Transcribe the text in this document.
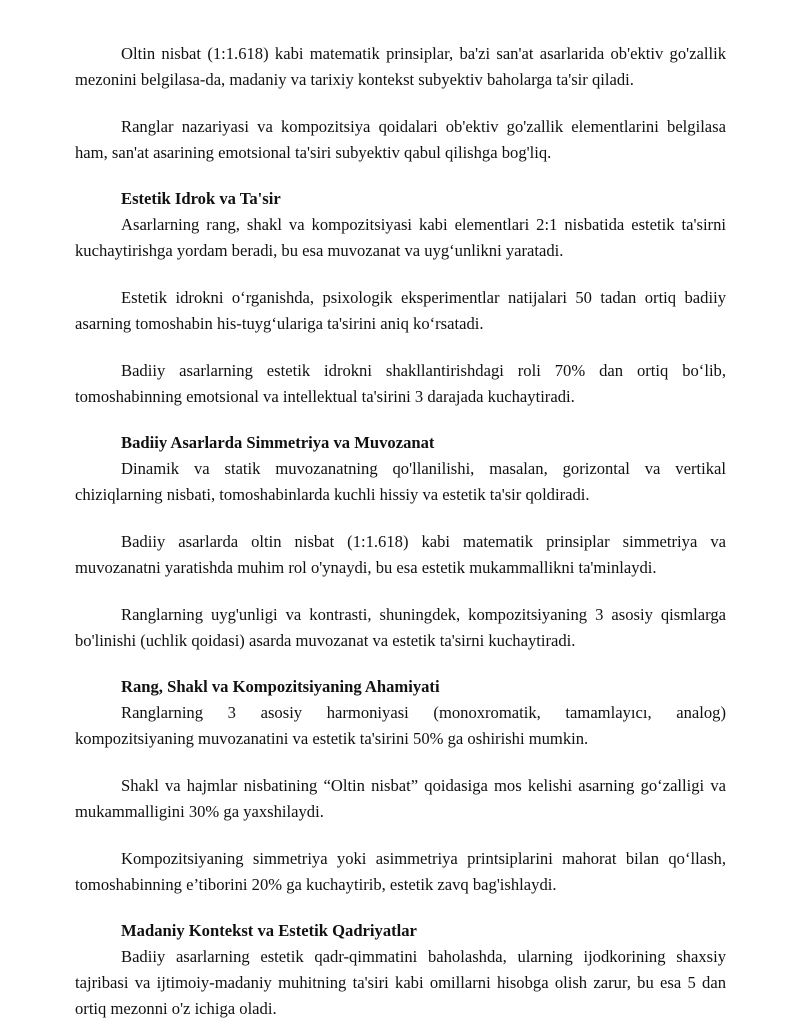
Oltin nisbat (1:1.618) kabi matematik prinsiplar, ba'zi san'at asarlarida ob'ektiv go'zallik mezonini belgilasa-da, madaniy va tarixiy kontekst subyektiv baholarga ta'sir qiladi.

Ranglar nazariyasi va kompozitsiya qoidalari ob'ektiv go'zallik elementlarini belgilasa ham, san'at asarining emotsional ta'siri subyektiv qabul qilishga bog'liq.

Estetik Idrok va Ta'sir

Asarlarning rang, shakl va kompozitsiyasi kabi elementlari 2:1 nisbatida estetik ta'sirni kuchaytirishga yordam beradi, bu esa muvozanat va uyg‘unlikni yaratadi.

Estetik idrokni o‘rganishda, psixologik eksperimentlar natijalari 50 tadan ortiq badiiy asarning tomoshabin his-tuyg‘ulariga ta'sirini aniq ko‘rsatadi.

Badiiy asarlarning estetik idrokni shakllantirishdagi roli 70% dan ortiq bo‘lib, tomoshabinning emotsional va intellektual ta'sirini 3 darajada kuchaytiradi.

Badiiy Asarlarda Simmetriya va Muvozanat

Dinamik va statik muvozanatning qo'llanilishi, masalan, gorizontal va vertikal chiziqlarning nisbati, tomoshabinlarda kuchli hissiy va estetik ta'sir qoldiradi.

Badiiy asarlarda oltin nisbat (1:1.618) kabi matematik prinsiplar simmetriya va muvozanatni yaratishda muhim rol o'ynaydi, bu esa estetik mukammallikni ta'minlaydi.

Ranglarning uyg'unligi va kontrasti, shuningdek, kompozitsiyaning 3 asosiy qismlarga bo'linishi (uchlik qoidasi) asarda muvozanat va estetik ta'sirni kuchaytiradi.

Rang, Shakl va Kompozitsiyaning Ahamiyati

Ranglarning 3 asosiy harmoniyasi (monoxromatik, tamamlayıcı, analog) kompozitsiyaning muvozanatini va estetik ta'sirini 50% ga oshirishi mumkin.

Shakl va hajmlar nisbatining “Oltin nisbat” qoidasiga mos kelishi asarning go‘zalligi va mukammalligini 30% ga yaxshilaydi.

Kompozitsiyaning simmetriya yoki asimmetriya printsiplarini mahorat bilan qo‘llash, tomoshabinning e’tiborini 20% ga kuchaytirib, estetik zavq bag'ishlaydi.

Madaniy Kontekst va Estetik Qadriyatlar

Badiiy asarlarning estetik qadr-qimmatini baholashda, ularning ijodkorining shaxsiy tajribasi va ijtimoiy-madaniy muhitning ta'siri kabi omillarni hisobga olish zarur, bu esa 5 dan ortiq mezonni o'z ichiga oladi.
